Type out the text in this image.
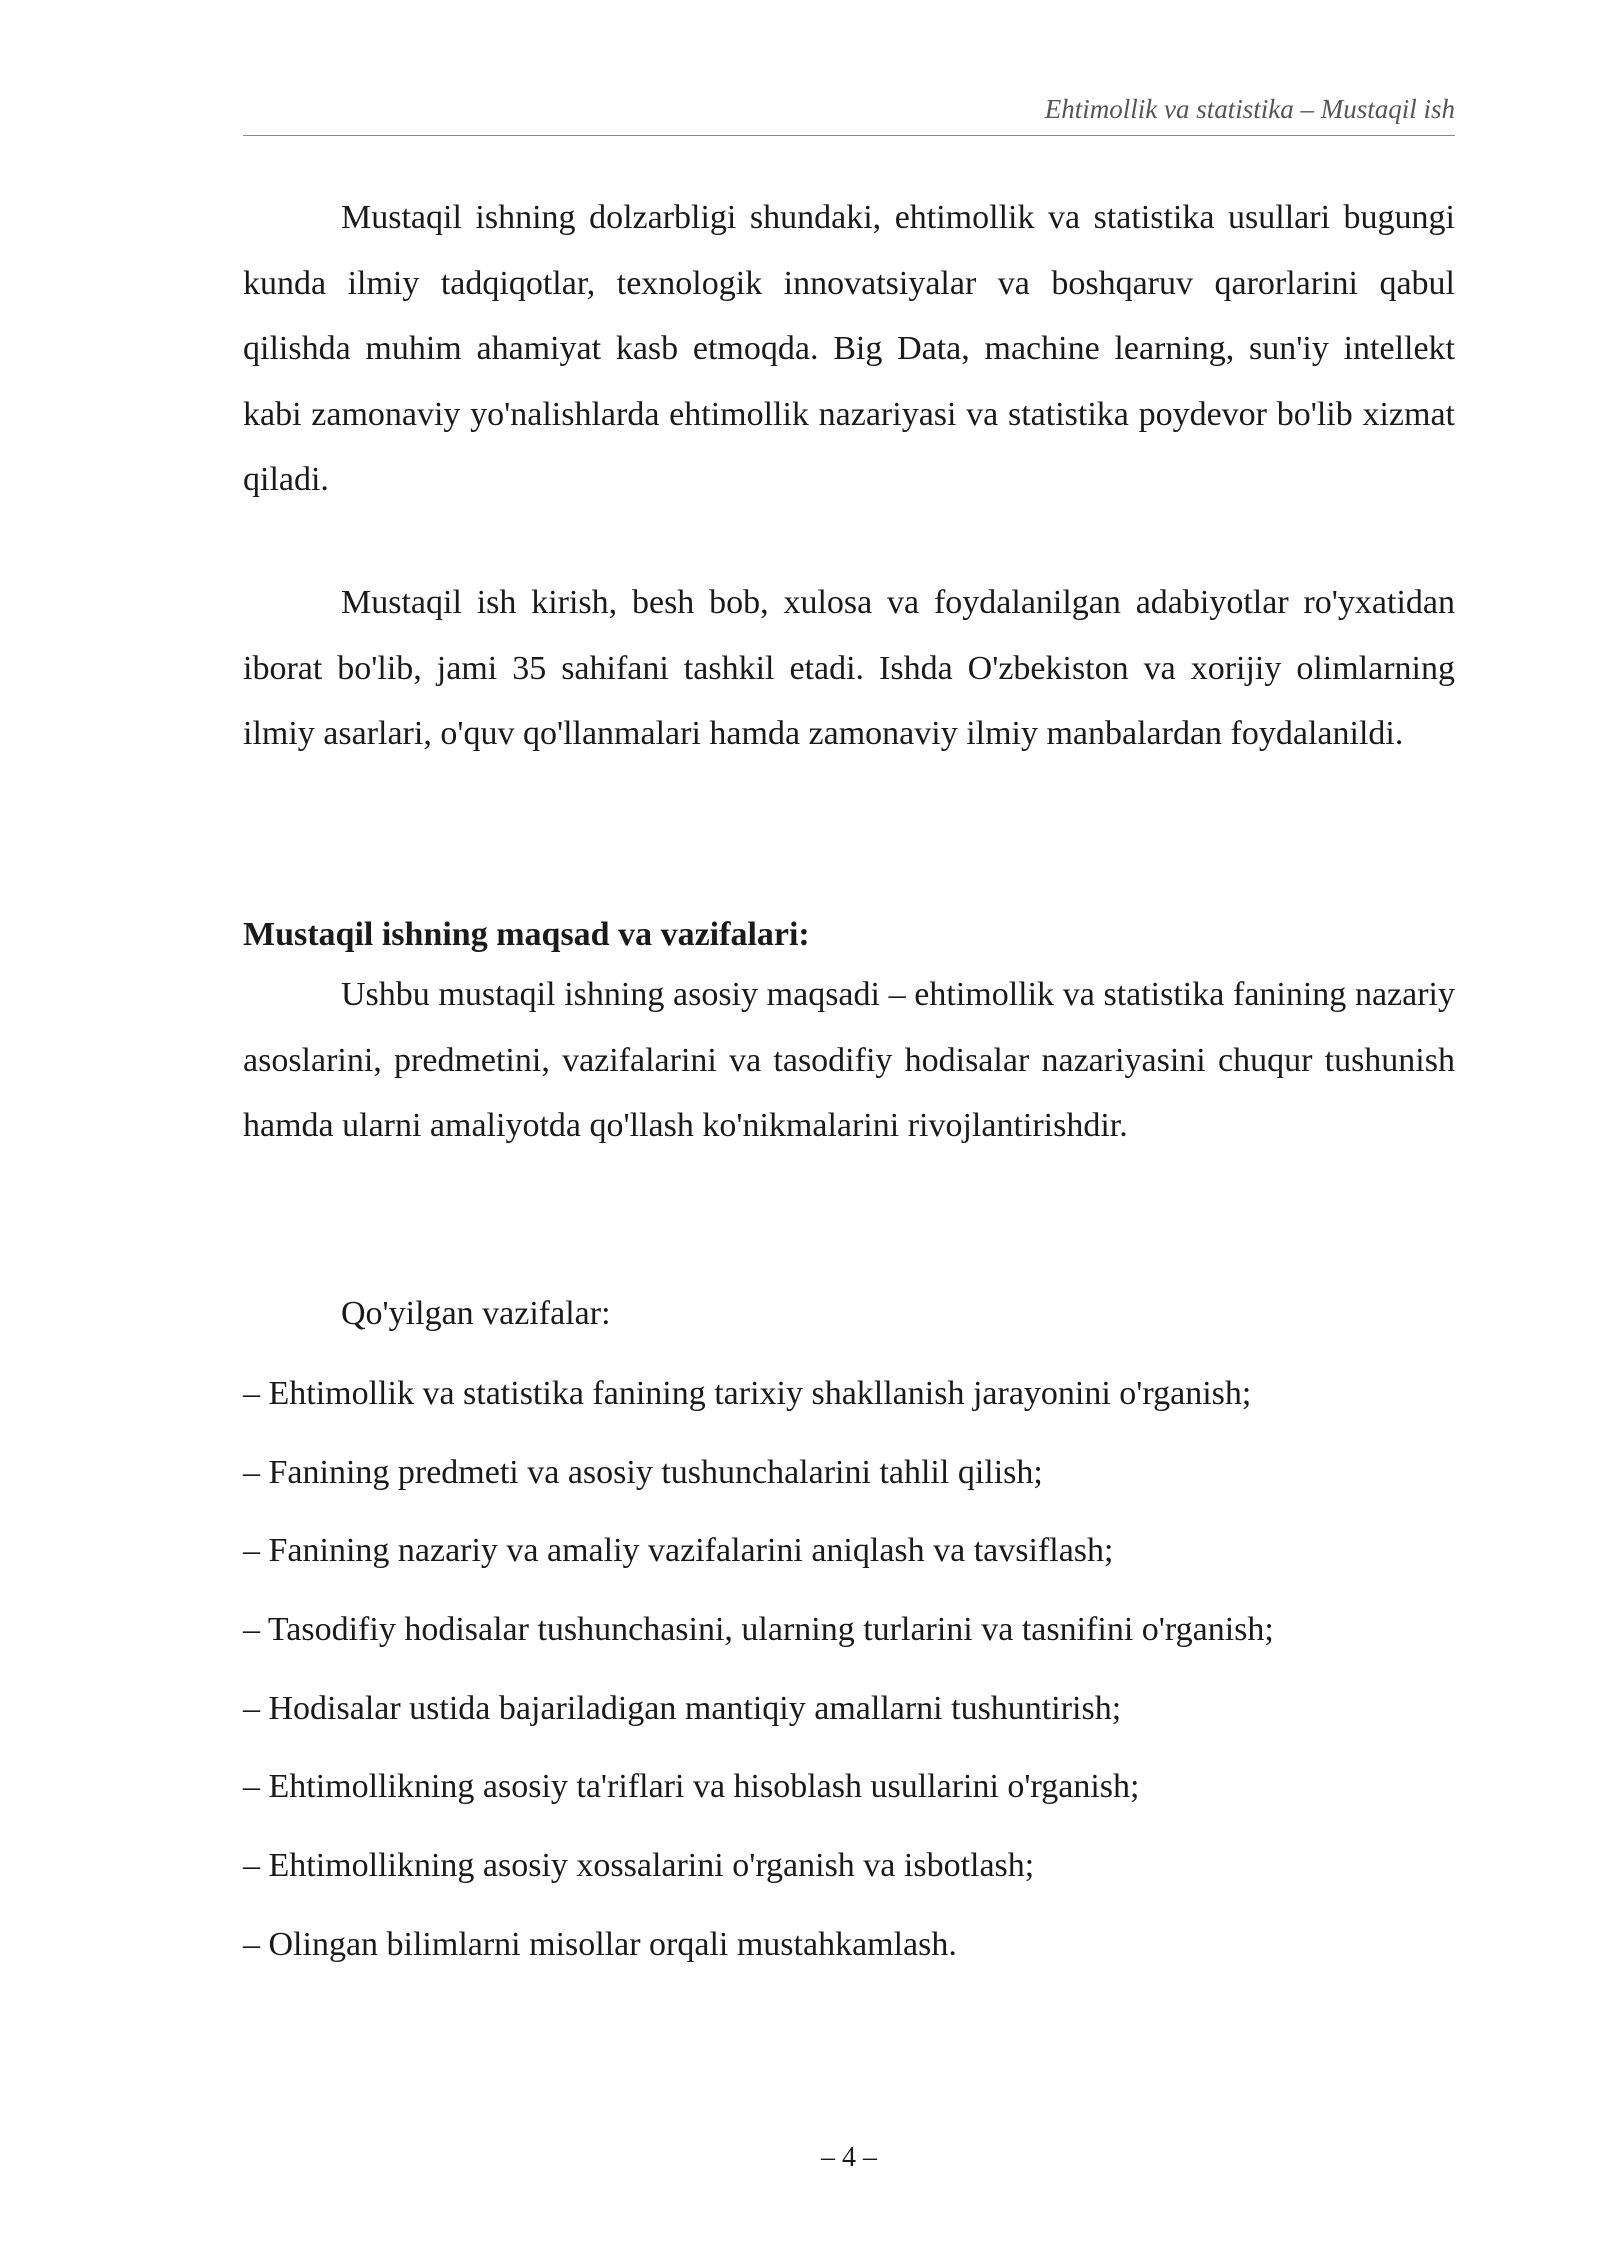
Ehtimollik va statistika – Mustaqil ish

Mustaqil ishning dolzarbligi shundaki, ehtimollik va statistika usullari bugungi kunda ilmiy tadqiqotlar, texnologik innovatsiyalar va boshqaruv qarorlarini qabul qilishda muhim ahamiyat kasb etmoqda. Big Data, machine learning, sun'iy intellekt kabi zamonaviy yo'nalishlarda ehtimollik nazariyasi va statistika poydevor bo'lib xizmat qiladi.

Mustaqil ish kirish, besh bob, xulosa va foydalanilgan adabiyotlar ro'yxatidan iborat bo'lib, jami 35 sahifani tashkil etadi. Ishda O'zbekiston va xorijiy olimlarning ilmiy asarlari, o'quv qo'llanmalari hamda zamonaviy ilmiy manbalardan foydalanildi.

Mustaqil ishning maqsad va vazifalari:

Ushbu mustaqil ishning asosiy maqsadi – ehtimollik va statistika fanining nazariy asoslarini, predmetini, vazifalarini va tasodifiy hodisalar nazariyasini chuqur tushunish hamda ularni amaliyotda qo'llash ko'nikmalarini rivojlantirishdir.

Qo'yilgan vazifalar:

– Ehtimollik va statistika fanining tarixiy shakllanish jarayonini o'rganish;
– Fanining predmeti va asosiy tushunchalarini tahlil qilish;
– Fanining nazariy va amaliy vazifalarini aniqlash va tavsiflash;
– Tasodifiy hodisalar tushunchasini, ularning turlarini va tasnifini o'rganish;
– Hodisalar ustida bajariladigan mantiqiy amallarni tushuntirish;
– Ehtimollikning asosiy ta'riflari va hisoblash usullarini o'rganish;
– Ehtimollikning asosiy xossalarini o'rganish va isbotlash;
– Olingan bilimlarni misollar orqali mustahkamlash.
– 4 –
